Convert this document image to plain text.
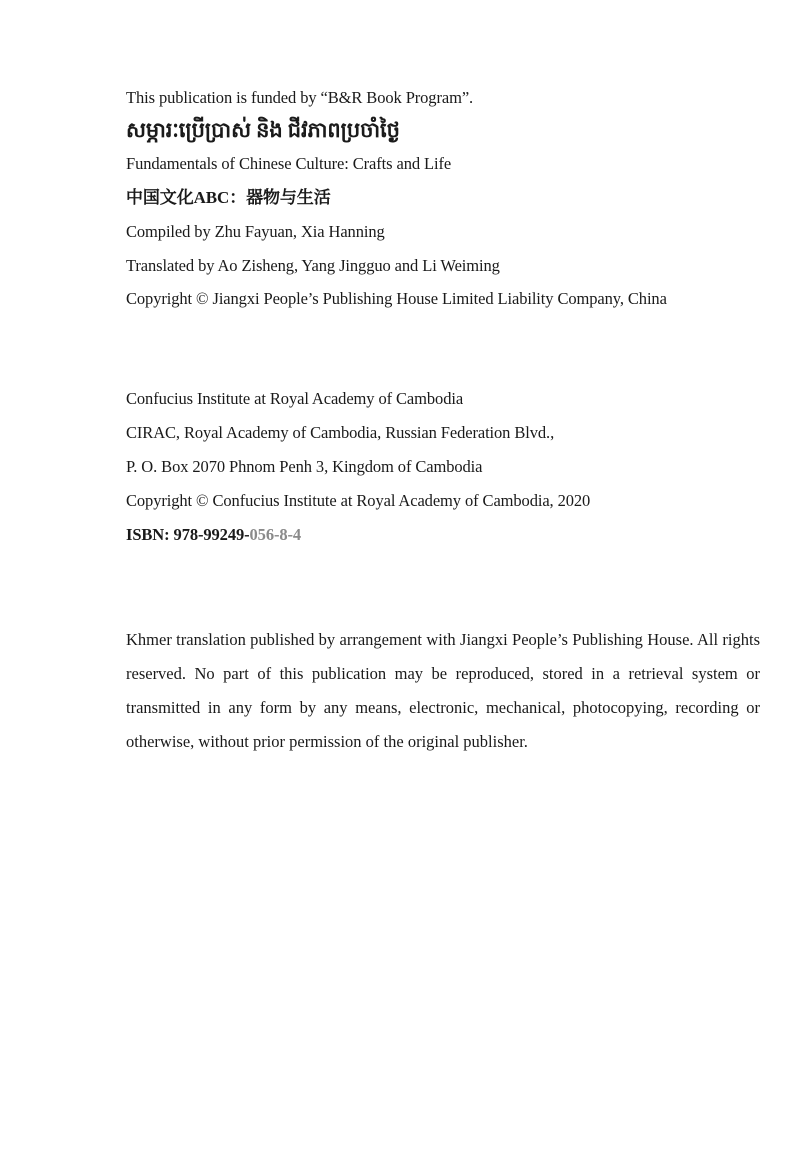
This publication is funded by “B&R Book Program”.
សម្ភារៈប្រើប្រាស់ និង ជីវភាពប្រចាំថ្ងៃ
Fundamentals of Chinese Culture: Crafts and Life
中国文化ABC：器物与生活
Compiled by Zhu Fayuan, Xia Hanning
Translated by Ao Zisheng, Yang Jingguo and Li Weiming
Copyright © Jiangxi People’s Publishing House Limited Liability Company, China
Confucius Institute at Royal Academy of Cambodia
CIRAC, Royal Academy of Cambodia, Russian Federation Blvd.,
P. O. Box 2070 Phnom Penh 3, Kingdom of Cambodia
Copyright © Confucius Institute at Royal Academy of Cambodia, 2020
ISBN: 978-99249-056-8-4
Khmer translation published by arrangement with Jiangxi People’s Publishing House. All rights reserved. No part of this publication may be reproduced, stored in a retrieval system or transmitted in any form by any means, electronic, mechanical, photocopying, recording or otherwise, without prior permission of the original publisher.
